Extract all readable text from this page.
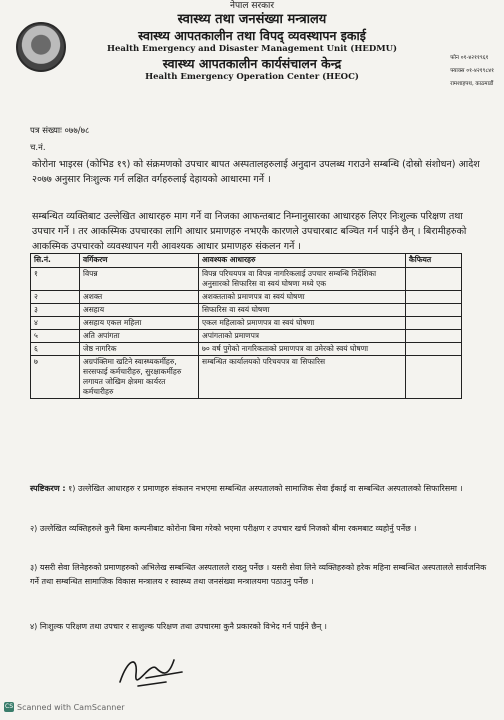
नेपाल सरकार
स्वास्थ्य तथा जनसंख्या मन्त्रालय
स्वास्थ्य आपतकालीन तथा विपद् व्यवस्थापन इकाई
Health Emergency and Disaster Management Unit (HEDMU)
स्वास्थ्य आपतकालीन कार्यसंचालन केन्द्र
Health Emergency Operation Center (HEOC)
फोन ०१-४२११९६१
फ्याक्स ०१-४२१९८४१
रामशाहपथ, काठमाडौं
पत्र संख्याः ०७७/७८
च.नं.
कोरोना भाइरस (कोभिड १९) को संक्रमणको उपचार बापत अस्पतालहरुलाई अनुदान उपलब्ध गराउने सम्बन्धि (दोस्रो संशोधन) आदेश २०७७ अनुसार निःशुल्क गर्न लक्षित वर्गहरुलाई देहायको आधारमा गर्ने ।
सम्बन्धित व्यक्तिबाट उल्लेखित आधारहरु माग गर्ने वा निजका आफन्तबाट निम्नानुसारका आधारहरु लिएर निःशुल्क परिक्षण तथा उपचार गर्ने । तर आकस्मिक उपचारका लागि आधार प्रमाणहरु नभएकै कारणले उपचारबाट बञ्चित गर्न पाईने छैन् । बिरामीहरुको आकस्मिक उपचारको व्यवस्थापन गरी आवश्यक आधार प्रमाणहरु संकलन गर्ने ।
सि.नं.	वर्गिकरण	आवश्यक आधारहरु	कैफियत
१	विपन्न	विपन्न परिचयपत्र वा विपन्न नागरिकलाई उपचार सम्बन्धि निर्देशिका अनुसारको सिफारिस वा स्वयं घोषणा मध्ये एक	
२	अशक्त	अशक्तताको प्रमाणपत्र वा स्वयं घोषणा	
३	असहाय	सिफारिस वा स्वयं घोषणा	
४	असहाय एकल महिला	एकल महिलाको प्रमाणपत्र वा स्वयं घोषणा	
५	अति अपांगता	अपांगताको प्रमाणपत्र	
६	जेष्ठ नागरिक	७० वर्ष पुगेको नागरिकताको प्रमाणपत्र वा उमेरको स्वयं घोषणा	
७	अग्रपंक्तिमा खटिने स्वास्थ्यकर्मीहरु, सरसफाई कर्मचारीहरु, सुरक्षाकर्मीहरु लगायत जोखिम क्षेत्रमा कार्यरत कर्मचारीहरु	सम्बन्धित कार्यालयको परिचयपत्र वा सिफारिस	
स्पष्टिकरण : १) उल्लेखित आधारहरु र प्रमाणहरु संकलन नभएमा सम्बन्धित अस्पतालको सामाजिक सेवा ईकाई वा सम्बन्धित अस्पतालको सिफारिसमा ।
२) उल्लेखित व्यक्तिहरुले कुनै बिमा कम्पनीबाट कोरोना बिमा गरेको भएमा परीक्षण र उपचार खर्च निजको बीमा रकमबाट व्यहोर्नु पर्नेछ ।
३) यसरी सेवा लिनेहरुको प्रमाणहरुको अभिलेख सम्बन्धित अस्पतालले राख्नु पर्नेछ । यसरी सेवा लिने व्यक्तिहरुको हरेक महिना सम्बन्धित अस्पतालले सार्वजनिक गर्ने तथा सम्बन्धित सामाजिक विकास मन्त्रालय र स्वास्थ्य तथा जनसंख्या मन्त्रालयमा पठाउनु पर्नेछ ।
४) निःशुल्क परिक्षण तथा उपचार र सःशुल्क परिक्षण तथा उपचारमा कुनै प्रकारको विभेद गर्न पाईने छैन् ।
CS Scanned with CamScanner
